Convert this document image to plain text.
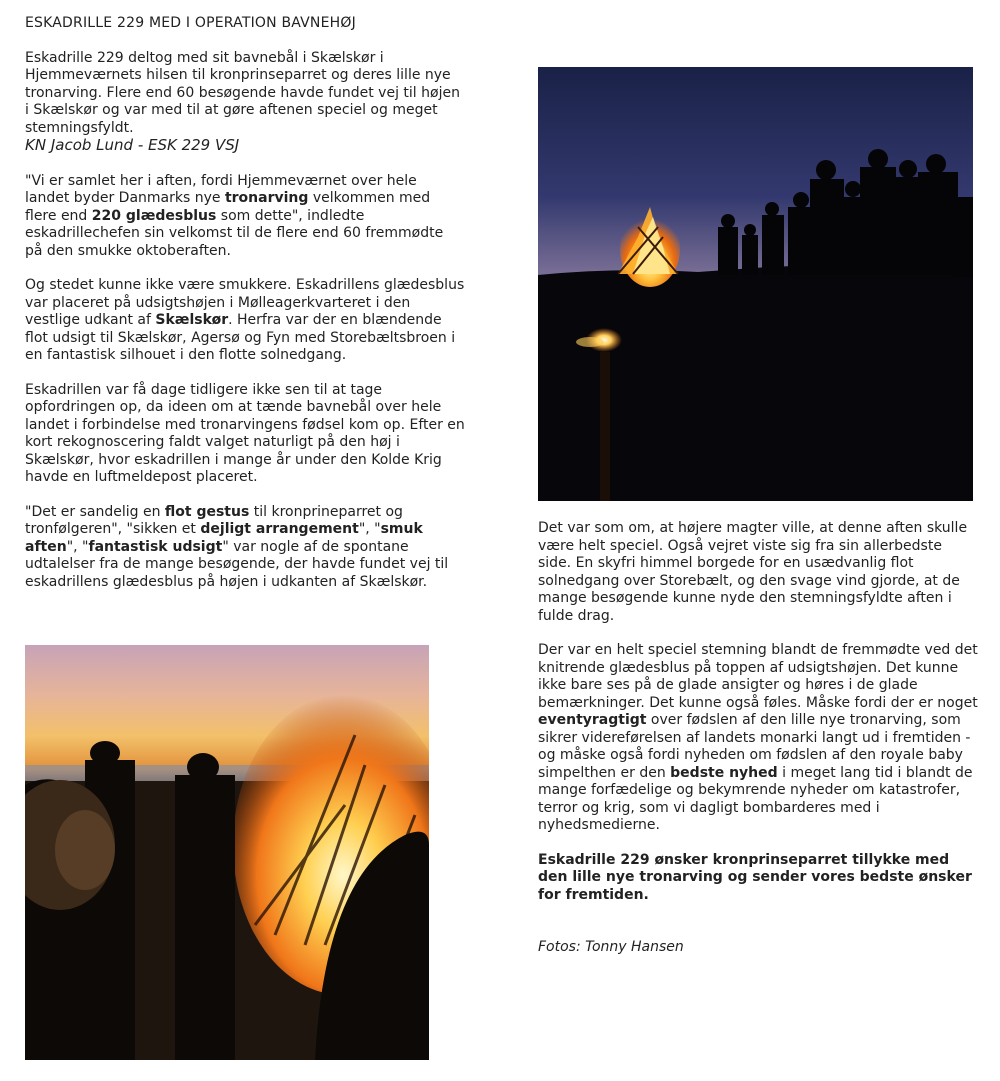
ESKADRILLE 229 MED I OPERATION BAVNEHØJ

Eskadrille 229 deltog med sit bavnebål i Skælskør i Hjemmeværnets hilsen til kronprinseparret og deres lille nye tronarving. Flere end 60 besøgende havde fundet vej til højen i Skælskør og var med til at gøre aftenen speciel og meget stemningsfyldt.
KN Jacob Lund - ESK 229 VSJ

"Vi er samlet her i aften, fordi Hjemmeværnet over hele landet byder Danmarks nye tronarving velkommen med flere end 220 glædesblus som dette", indledte eskadrillechefen sin velkomst til de flere end 60 fremmødte på den smukke oktoberaften.

Og stedet kunne ikke være smukkere. Eskadrillens glædesblus var placeret på udsigtshøjen i Mølleagerkvarteret i den vestlige udkant af Skælskør. Herfra var der en blændende flot udsigt til Skælskør, Agersø og Fyn med Storebæltsbroen i en fantastisk silhouet i den flotte solnedgang.

Eskadrillen var få dage tidligere ikke sen til at tage opfordringen op, da ideen om at tænde bavnebål over hele landet i forbindelse med tronarvingens fødsel kom op. Efter en kort rekognoscering faldt valget naturligt på den høj i Skælskør, hvor eskadrillen i mange år under den Kolde Krig havde en luftmeldepost placeret.

"Det er sandelig en flot gestus til kronprineparret og tronfølgeren", "sikken et dejligt arrangement", "smuk aften", "fantastisk udsigt" var nogle af de spontane udtalelser fra de mange besøgende, der havde fundet vej til eskadrillens glædesblus på højen i udkanten af Skælskør.

Det var som om, at højere magter ville, at denne aften skulle være helt speciel. Også vejret viste sig fra sin allerbedste side. En skyfri himmel borgede for en usædvanlig flot solnedgang over Storebælt, og den svage vind gjorde, at de mange besøgende kunne nyde den stemningsfyldte aften i fulde drag.

Der var en helt speciel stemning blandt de fremmødte ved det knitrende glædesblus på toppen af udsigtshøjen. Det kunne ikke bare ses på de glade ansigter og høres i de glade bemærkninger. Det kunne også føles. Måske fordi der er noget eventyragtigt over fødslen af den lille nye tronarving, som sikrer videreførelsen af landets monarki langt ud i fremtiden - og måske også fordi nyheden om fødslen af den royale baby simpelthen er den bedste nyhed i meget lang tid i blandt de mange forfædelige og bekymrende nyheder om katastrofer, terror og krig, som vi dagligt bombarderes med i nyhedsmedierne.

Eskadrille 229 ønsker kronprinseparret tillykke med den lille nye tronarving og sender vores bedste ønsker for fremtiden.

Fotos: Tonny Hansen
